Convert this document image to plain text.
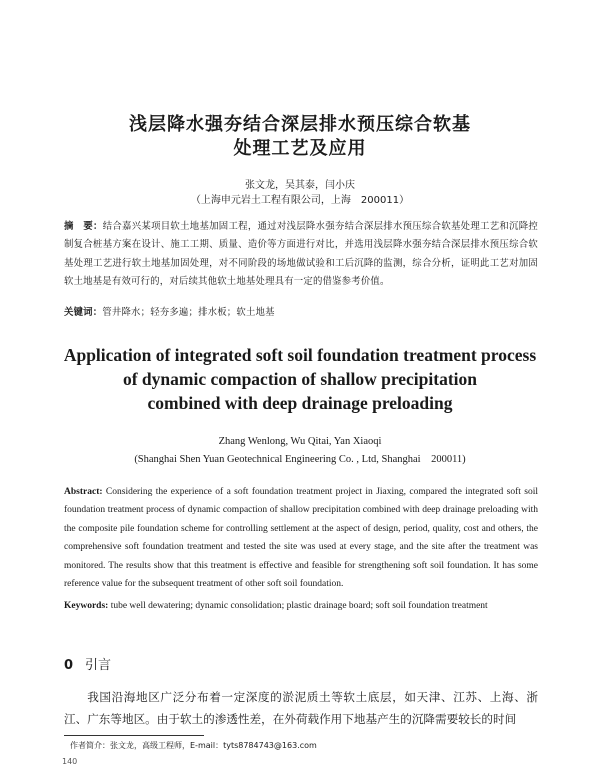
浅层降水强夯结合深层排水预压综合软基
处理工艺及应用
张文龙，吴其泰，闫小庆
（上海申元岩土工程有限公司，上海　200011）
摘　要：结合嘉兴某项目软土地基加固工程，通过对浅层降水强夯结合深层排水预压综合软基处理工艺和沉降控制复合桩基方案在设计、施工工期、质量、造价等方面进行对比，并选用浅层降水强夯结合深层排水预压综合软基处理工艺进行软土地基加固处理，对不同阶段的场地做试验和工后沉降的监测，综合分析，证明此工艺对加固软土地基是有效可行的，对后续其他软土地基处理具有一定的借鉴参考价值。
关键词：管井降水；轻夯多遍；排水板；软土地基
Application of integrated soft soil foundation treatment process
of dynamic compaction of shallow precipitation
combined with deep drainage preloading
Zhang Wenlong, Wu Qitai, Yan Xiaoqi
(Shanghai Shen Yuan Geotechnical Engineering Co. , Ltd, Shanghai　200011)
Abstract: Considering the experience of a soft foundation treatment project in Jiaxing, compared the integrated soft soil foundation treatment process of dynamic compaction of shallow precipitation combined with deep drainage preloading with the composite pile foundation scheme for controlling settlement at the aspect of design, period, quality, cost and others, the comprehensive soft foundation treatment and tested the site was used at every stage, and the site after the treatment was monitored. The results show that this treatment is effective and feasible for strengthening soft soil foundation. It has some reference value for the subsequent treatment of other soft soil foundation.
Keywords: tube well dewatering; dynamic consolidation; plastic drainage board; soft soil foundation treatment
0 引言
我国沿海地区广泛分布着一定深度的淤泥质土等软土底层，如天津、江苏、上海、浙江、广东等地区。由于软土的渗透性差，在外荷载作用下地基产生的沉降需要较长的时间
作者简介：张文龙，高级工程师，E-mail：tyts8784743@163.com
140
